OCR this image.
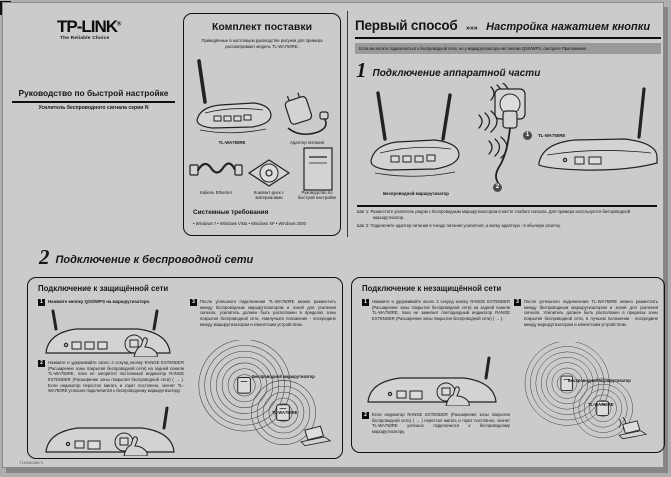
TP-LINK®
The Reliable Choice
Руководство по быстрой настройке
Усилитель беспроводного сигнала серии N
Комплект поставки
Приведённые в настоящем руководстве рисунки для примера рассматривают модель TL-WA750RE.
TL-WA750RE	Адаптер питания
Кабель Ethernet	Компакт-диск с материалами
Руководство по быстрой настройке
Системные требования
• Windows 7 • Windows Vista • Windows XP • Windows 2000
Первый способ »»» Настройка нажатием кнопки
Если вы хотите подключиться к беспроводной сети, но у маршрутизатора нет кнопки QSS/WPS, смотрите Приложение.
1 Подключение аппаратной части
1	TL-WA750RE
2
Беспроводной маршрутизатор

Шаг 1: Разместите усилитель рядом с беспроводным маршрутизатором в месте слабого сигнала. Для примера используется беспроводной маршрутизатор.

Шаг 2: Подключите адаптер питания в гнездо питания усилителя, а вилку адаптера - в обычную розетку.

2 Подключение к беспроводной сети
Подключение к защищённой сети
1	Нажмите кнопку QSS/WPS на маршрутизаторе.
2	Нажмите и удерживайте около 3 секунд кнопку RANGE EXTENDER (Расширение зоны покрытия беспроводной сети) на задней панели TL-WA750RE, пока не загорится постоянный индикатор RANGE EXTENDER (Расширение зоны покрытия беспроводной сети) ( → ). Если индикатор перестал мигать и горит постоянно, значит TL-WA750RE успешно подключился к беспроводному маршрутизатору.
3	После успешного подключения TL-WA750RE можно разместить между беспроводным маршрутизатором и зоной для усиления сигнала, усилитель должен быть расположен в пределах зоны покрытия беспроводной сети. Наилучшее положение - посередине между маршрутизатором и клиентским устройством.
Беспроводной маршрутизатор
TL-WA750RE
Подключение к незащищённой сети
1	Нажмите и удерживайте около 3 секунд кнопку RANGE EXTENDER (Расширение зоны покрытия беспроводной сети) на задней панели TL-WA750RE, пока не замигает светодиодный индикатор RANGE EXTENDER (Расширение зоны покрытия беспроводной сети) ( → ).
2	Если индикатор RANGE EXTENDER (Расширение зоны покрытия беспроводной сети) ( → ) перестал мигать и горит постоянно, значит TL-WA750RE успешно подключился к беспроводному маршрутизатору.
3	После успешного подключения TL-WA750RE можно разместить между беспроводным маршрутизатором и зоной для усиления сигнала. Усилитель должен быть расположен в пределах зоны покрытия беспроводной сети, в лучшем положении - посередине между маршрутизатором и клиентским устройством.
Беспроводной маршрутизатор
TL-WA750RE
7106504871
